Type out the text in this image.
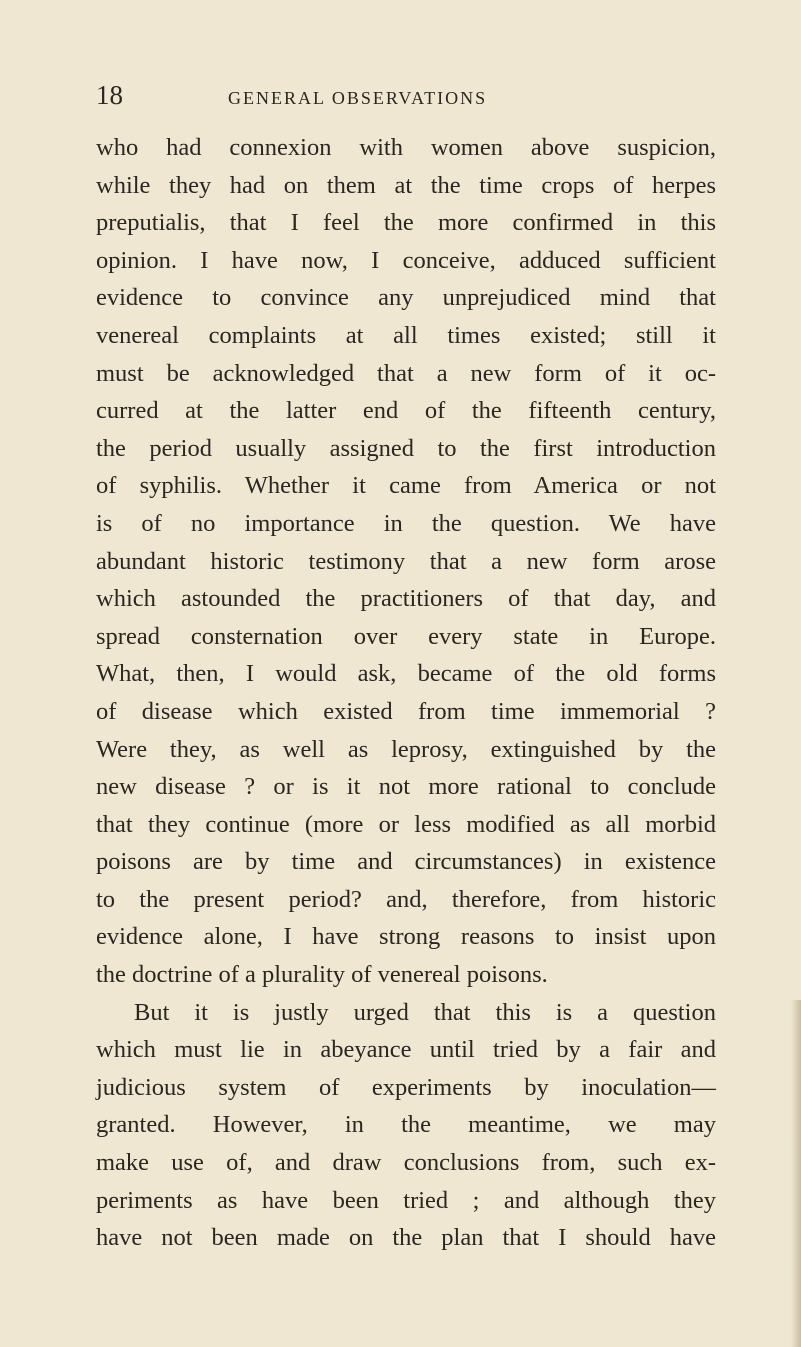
18	GENERAL OBSERVATIONS
who had connexion with women above suspicion,
while they had on them at the time crops of herpes
preputialis, that I feel the more confirmed in this
opinion. I have now, I conceive, adduced sufficient
evidence to convince any unprejudiced mind that
venereal complaints at all times existed; still it
must be acknowledged that a new form of it oc-
curred at the latter end of the fifteenth century,
the period usually assigned to the first introduction
of syphilis. Whether it came from America or not
is of no importance in the question. We have
abundant historic testimony that a new form arose
which astounded the practitioners of that day, and
spread consternation over every state in Europe.
What, then, I would ask, became of the old forms
of disease which existed from time immemorial ?
Were they, as well as leprosy, extinguished by the
new disease ? or is it not more rational to conclude
that they continue (more or less modified as all morbid
poisons are by time and circumstances) in existence
to the present period? and, therefore, from historic
evidence alone, I have strong reasons to insist upon
the doctrine of a plurality of venereal poisons.
But it is justly urged that this is a question
which must lie in abeyance until tried by a fair and
judicious system of experiments by inoculation—
granted. However, in the meantime, we may
make use of, and draw conclusions from, such ex-
periments as have been tried ; and although they
have not been made on the plan that I should have
